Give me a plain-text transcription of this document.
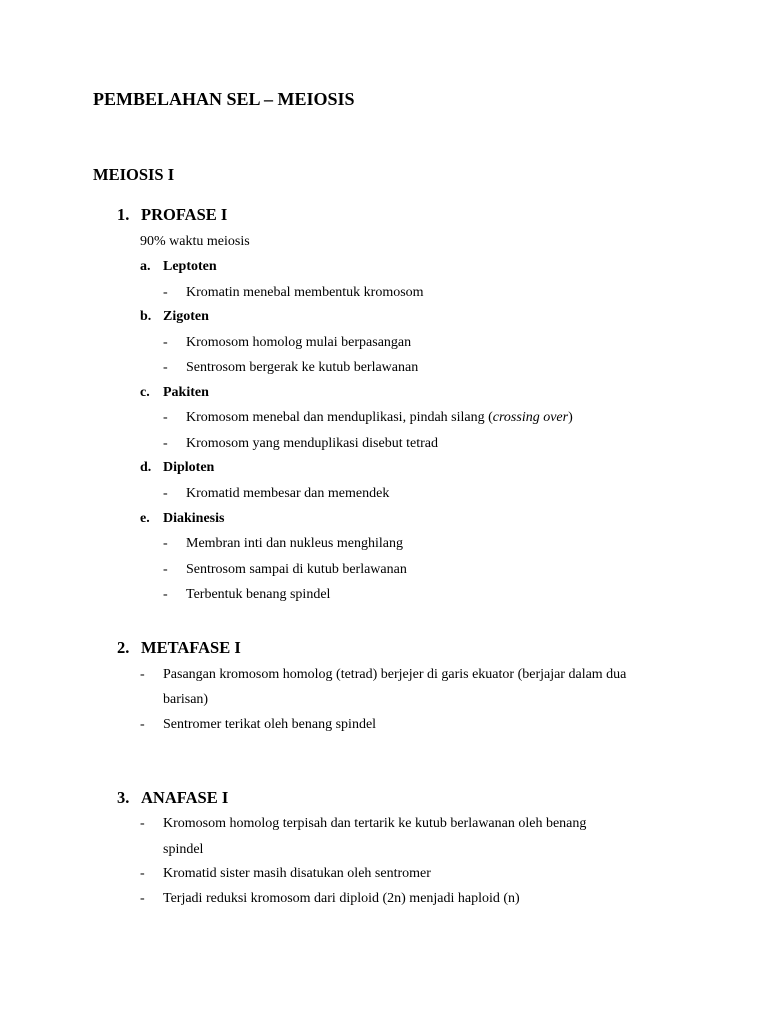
PEMBELAHAN SEL – MEIOSIS
MEIOSIS I
1. PROFASE I
90% waktu meiosis
a. Leptoten
- Kromatin menebal membentuk kromosom
b. Zigoten
- Kromosom homolog mulai berpasangan
- Sentrosom bergerak ke kutub berlawanan
c. Pakiten
- Kromosom menebal dan menduplikasi, pindah silang (crossing over)
- Kromosom yang menduplikasi disebut tetrad
d. Diploten
- Kromatid membesar dan memendek
e. Diakinesis
- Membran inti dan nukleus menghilang
- Sentrosom sampai di kutub berlawanan
- Terbentuk benang spindel
2. METAFASE I
- Pasangan kromosom homolog (tetrad) berjejer di garis ekuator (berjajar dalam dua
barisan)
- Sentromer terikat oleh benang spindel
3. ANAFASE I
- Kromosom homolog terpisah dan tertarik ke kutub berlawanan oleh benang
spindel
- Kromatid sister masih disatukan oleh sentromer
- Terjadi reduksi kromosom dari diploid (2n) menjadi haploid (n)
